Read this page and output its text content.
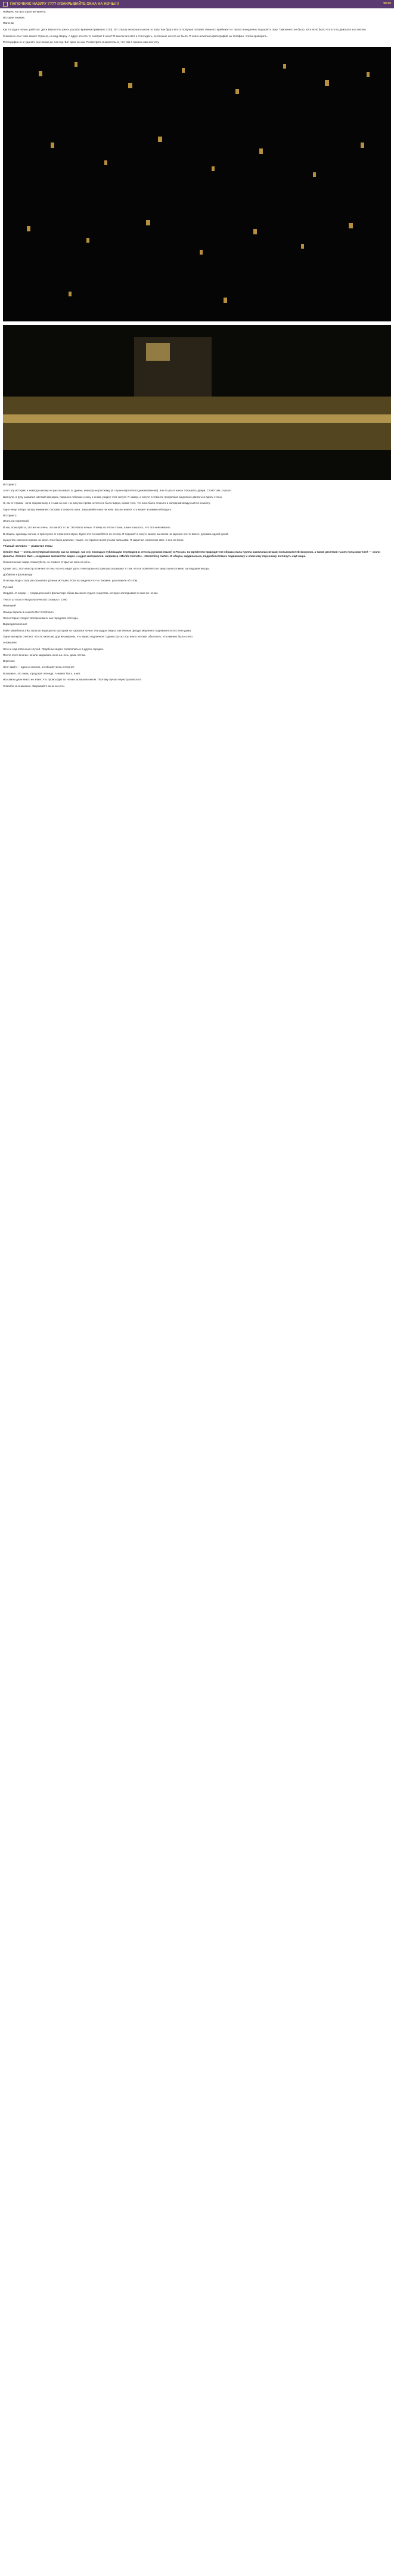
ПАПОЧКИ/С НАЗУРУ ???? !!/ЗАКРЫВАЙТЕ ОКНА НА НОЧЬ!!!!	90:00

Найдено на просторах интернета.

История первая.
Папочки

Как то ходил ночью, работал. Дети Внизопоть уже и утро (по времени примерно 3:00). Тут слышу несколько шагов по полу. Как будто кто-то получше ползает. Немного прибежал от такого я медленно подошёл к окну. Там ничего не было, хотя ясно было что кто-то двигался за стеклом.

Снимок в ночи тоже может странно, на вид сверху. А вдруг это кто-то смотрит в окно? Я выключил свет и стал ждать, но больше ничего не было. Я снял несколько фотографий на телефон, чтобы проверить.

Фотографии я не удалял, они лежат до сих пор. Вот одна из них. Посмотрите внимательно, что там в правом нижнем углу.

История 2

А вот эту историю я никогда никому не рассказывал, и, думаю, никогда не расскажу (в случае вероятного дежавю/менее). Как-то раз я начал открывать двери. Стоял там, слушал.

Шагнули, в руку захватил жёсткий фонарик, подошел поближе к окну и снова увидел этот силуэт. Я замер, а силуэт в темноте продолжал медленно двигаться вдоль стены.

О, ем от страха - ночи подоконнику и я сам на них. На рисунке прямо ничего не было видно, кроме того, что окно было открыто и холодный воздух шёл в комнату.

Одно чему теперь прошу внимания: поставьте сетку на окна. Закрывайте окна на ночь. Вы не знаете, кто может за ними наблюдать.

История 3
Лезть на горничкой.

И как, пожалуйста, это же не очень, это же вот я так. Это было ночью. Я живу на пятом этаже, и мне казалось, что это невозможно.

В общем, однажды ночью, я проснулся от странного звука. Будто кто-то скребётся по стеклу. Я подошёл к окну и замер: за окном на карнизе кто-то висел, держась одной рукой.

Существо смотрело прямо на меня. Оно было длинное, тощее, со странно вытянутыми пальцами. Я закричал и включил свет, и оно исчезло.

Тёмный человек — развитие темы

Slender Man — очень популярный монстр как на Западе, так и (с помощью публикации переводов в сети на русском языке) в России. Со временем прародителя образа стала группа различных веками пользователей-форумов, а также десятков тысяч пользователей — стали фанаты «Slender Man», создавшие множество видео и аудио материалов, например «Marble Hornets», «Something Awful». В общем, кардинально, подробностями и подвижному и опасному персонажу взглянуть ещё шире.

Сознательные люди, пожалуйста, не ставьте открытые окна на ночь.

Кроме того, этот монстр отличается тем, что его видят дети. Некоторые истории рассказывают о том, что он появляется в окнах многоэтажек, заглядывая внутрь.

Добавлю к фольклору

Поэтому люди стали рассказывать разные истории. Если вы видели что-то похожее, расскажите об этом.

Русский

Жердяй, от жерди — традиционный в фольклоре образ высокого худого существа, которое заглядывает в окна по ночам.

Текст из книги «Мифологический словарь», 1990

Немецкий

Немцы верили в некоего Der Großmann.

Эти истории следует воспринимать как городские легенды.

Видеодополнение

Файл slaterlivx03.mkv записан видеорегистратором на парковке ночью. На кадрах видно, как тёмная фигура медленно поднимается по стене дома.

Одни эксперты считают, что это монтаж, другие уверены, что видео подлинное. Однако до сих пор никто не смог объяснить, что именно было снято.

Аномалия

Это не единственный случай. Подобные видео появлялись и в других городах.

После этого многие начали закрывать окна на ночь, даже летом.

Впрочем

Этот файл — один из многих, он обошёл весь интернет.

Возможно, это лишь городская легенда. А может быть, и нет.

На самом деле никто не знает, что происходит по ночам за вашим окном. Поэтому лучше перестраховаться.

Спасибо за внимание. Закрывайте окна на ночь.
